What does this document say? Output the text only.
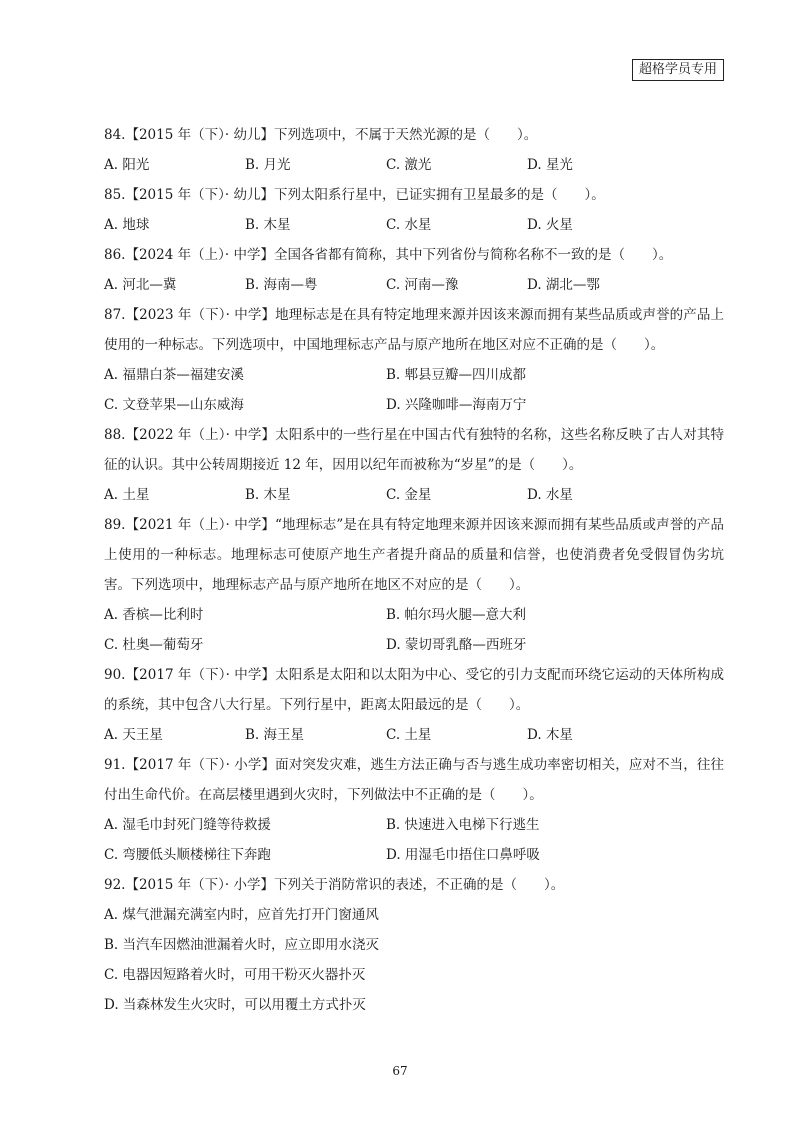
超格学员专用
84.【2015 年（下）· 幼儿】下列选项中，不属于天然光源的是（　　）。
A. 阳光	B. 月光	C. 激光	D. 星光
85.【2015 年（下）· 幼儿】下列太阳系行星中，已证实拥有卫星最多的是（　　）。
A. 地球	B. 木星	C. 水星	D. 火星
86.【2024 年（上）· 中学】全国各省都有简称，其中下列省份与简称名称不一致的是（　　）。
A. 河北—冀	B. 海南—粤	C. 河南—豫	D. 湖北—鄂
87.【2023 年（下）· 中学】地理标志是在具有特定地理来源并因该来源而拥有某些品质或声誉的产品上使用的一种标志。下列选项中，中国地理标志产品与原产地所在地区对应不正确的是（　　）。
A. 福鼎白茶—福建安溪	B. 郫县豆瓣—四川成都
C. 文登苹果—山东威海	D. 兴隆咖啡—海南万宁
88.【2022 年（上）· 中学】太阳系中的一些行星在中国古代有独特的名称，这些名称反映了古人对其特征的认识。其中公转周期接近 12 年，因用以纪年而被称为“岁星”的是（　　）。
A. 土星	B. 木星	C. 金星	D. 水星
89.【2021 年（上）· 中学】“地理标志”是在具有特定地理来源并因该来源而拥有某些品质或声誉的产品上使用的一种标志。地理标志可使原产地生产者提升商品的质量和信誉，也使消费者免受假冒伪劣坑害。下列选项中，地理标志产品与原产地所在地区不对应的是（　　）。
A. 香槟—比利时	B. 帕尔玛火腿—意大利
C. 杜奥—葡萄牙	D. 蒙切哥乳酪—西班牙
90.【2017 年（下）· 中学】太阳系是太阳和以太阳为中心、受它的引力支配而环绕它运动的天体所构成的系统，其中包含八大行星。下列行星中，距离太阳最远的是（　　）。
A. 天王星	B. 海王星	C. 土星	D. 木星
91.【2017 年（下）· 小学】面对突发灾难，逃生方法正确与否与逃生成功率密切相关，应对不当，往往付出生命代价。在高层楼里遇到火灾时，下列做法中不正确的是（　　）。
A. 湿毛巾封死门缝等待救援	B. 快速进入电梯下行逃生
C. 弯腰低头顺楼梯往下奔跑	D. 用湿毛巾捂住口鼻呼吸
92.【2015 年（下）· 小学】下列关于消防常识的表述，不正确的是（　　）。
A. 煤气泄漏充满室内时，应首先打开门窗通风
B. 当汽车因燃油泄漏着火时，应立即用水浇灭
C. 电器因短路着火时，可用干粉灭火器扑灭
D. 当森林发生火灾时，可以用覆土方式扑灭
67
